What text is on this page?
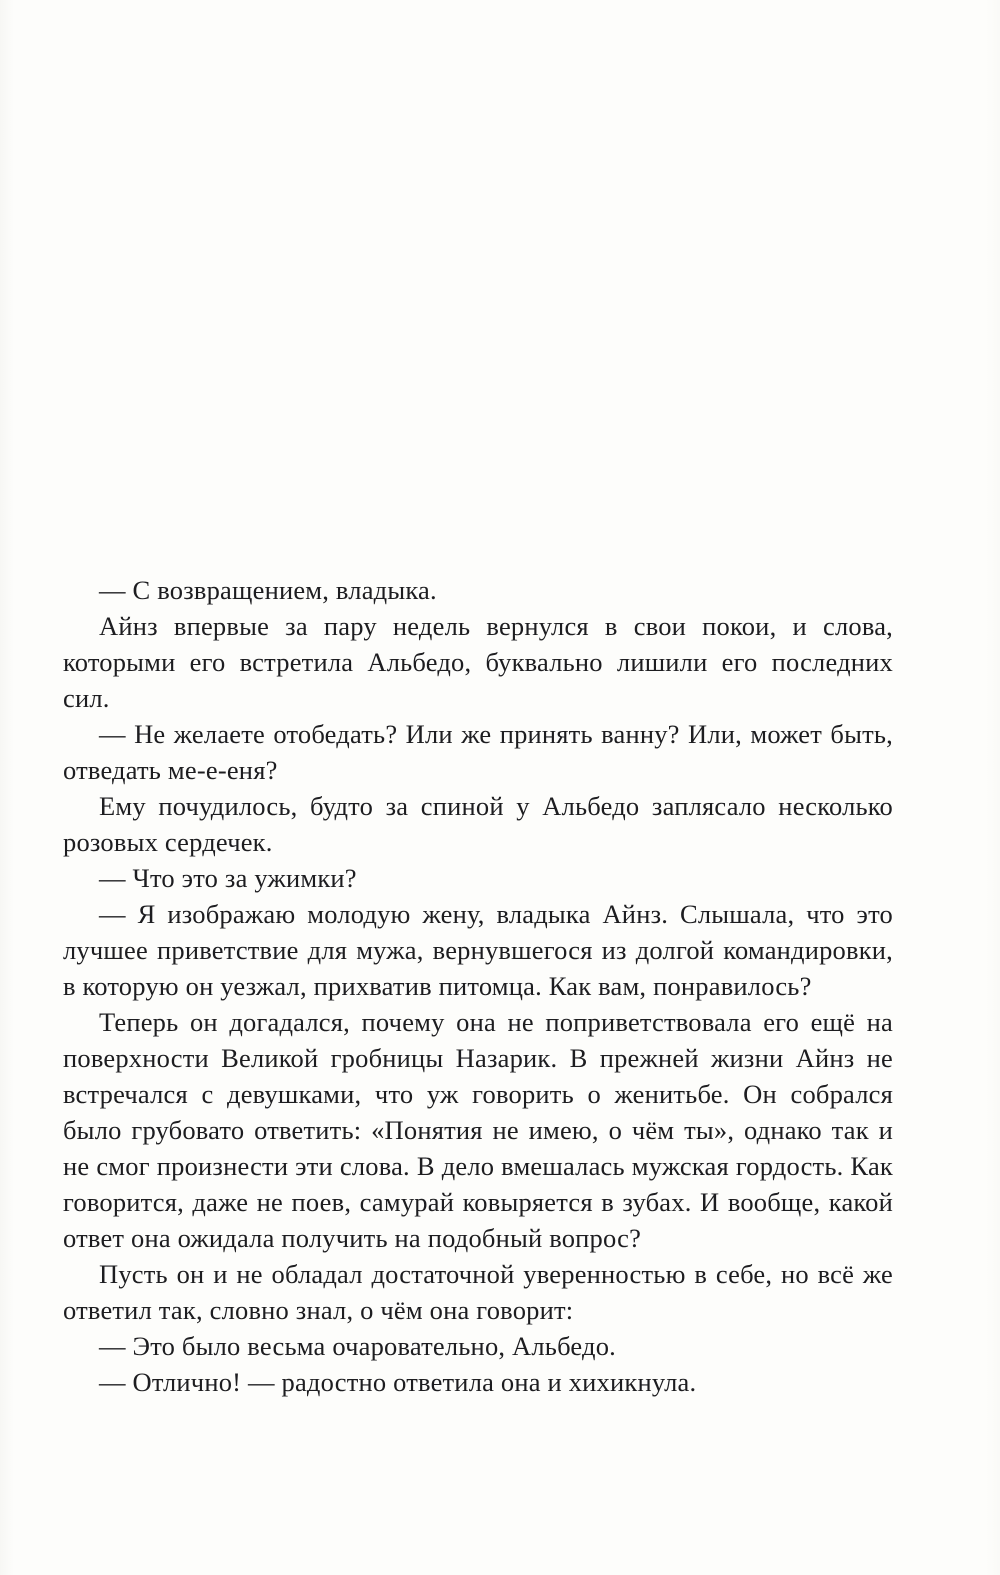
— С возвращением, владыка.

Айнз впервые за пару недель вернулся в свои покои, и слова, которыми его встретила Альбедо, буквально лишили его последних сил.

— Не желаете отобедать? Или же принять ванну? Или, может быть, отведать ме-е-еня?

Ему почудилось, будто за спиной у Альбедо заплясало несколько розовых сердечек.

— Что это за ужимки?

— Я изображаю молодую жену, владыка Айнз. Слышала, что это лучшее приветствие для мужа, вернувшегося из долгой командировки, в которую он уезжал, прихватив питомца. Как вам, понравилось?

Теперь он догадался, почему она не поприветствовала его ещё на поверхности Великой гробницы Назарик. В прежней жизни Айнз не встречался с девушками, что уж говорить о женитьбе. Он собрался было грубовато ответить: «Понятия не имею, о чём ты», однако так и не смог произнести эти слова. В дело вмешалась мужская гордость. Как говорится, даже не поев, самурай ковыряется в зубах. И вообще, какой ответ она ожидала получить на подобный вопрос?

Пусть он и не обладал достаточной уверенностью в себе, но всё же ответил так, словно знал, о чём она говорит:

— Это было весьма очаровательно, Альбедо.

— Отлично! — радостно ответила она и хихикнула.
